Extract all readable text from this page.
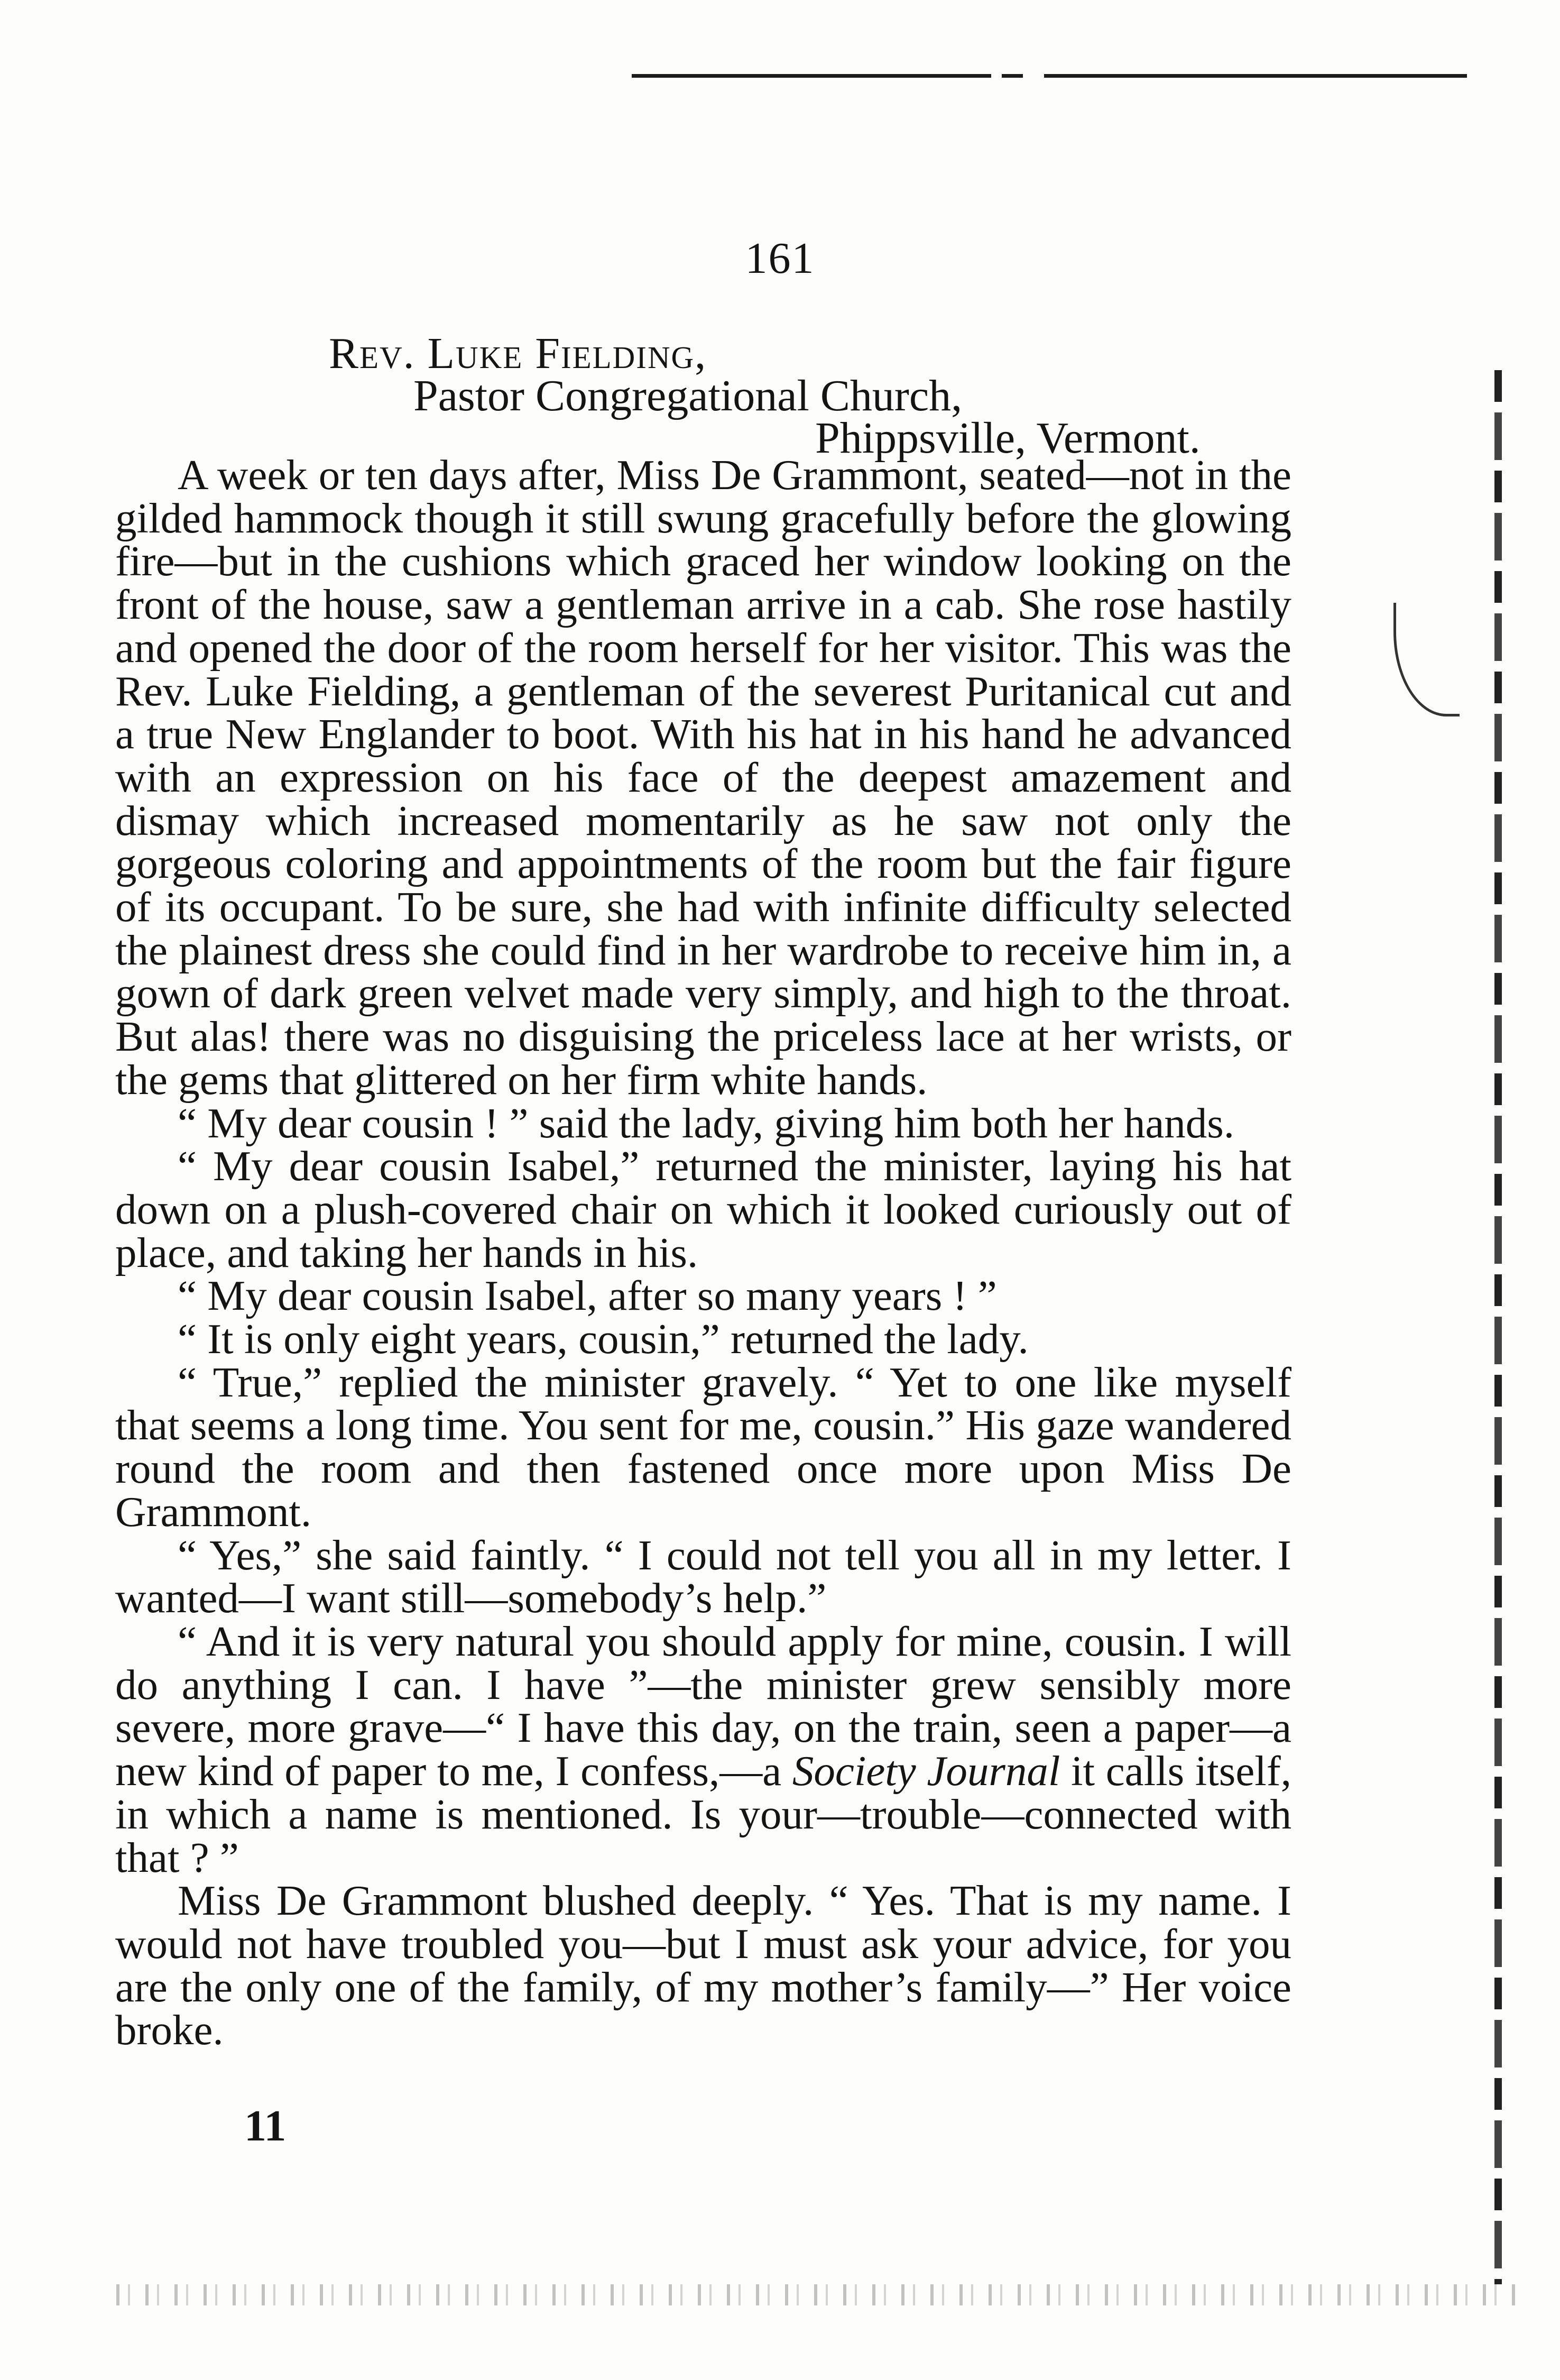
161
Rev. Luke Fielding,
Pastor Congregational Church,
Phippsville, Vermont.

A week or ten days after, Miss De Grammont, seated—not in the gilded hammock though it still swung gracefully before the glowing fire—but in the cushions which graced her window looking on the front of the house, saw a gentleman arrive in a cab. She rose hastily and opened the door of the room herself for her visitor. This was the Rev. Luke Fielding, a gentleman of the severest Puritanical cut and a true New Englander to boot. With his hat in his hand he advanced with an expression on his face of the deepest amazement and dismay which increased momentarily as he saw not only the gorgeous coloring and appointments of the room but the fair figure of its occupant. To be sure, she had with infinite difficulty selected the plainest dress she could find in her wardrobe to receive him in, a gown of dark green velvet made very simply, and high to the throat. But alas! there was no disguising the priceless lace at her wrists, or the gems that glittered on her firm white hands.

“ My dear cousin ! ” said the lady, giving him both her hands.

“ My dear cousin Isabel,” returned the minister, laying his hat down on a plush-covered chair on which it looked curiously out of place, and taking her hands in his.

“ My dear cousin Isabel, after so many years ! ”

“ It is only eight years, cousin,” returned the lady.

“ True,” replied the minister gravely. “ Yet to one like myself that seems a long time. You sent for me, cousin.” His gaze wandered round the room and then fastened once more upon Miss De Grammont.

“ Yes,” she said faintly. “ I could not tell you all in my letter. I wanted—I want still—somebody’s help.”

“ And it is very natural you should apply for mine, cousin. I will do anything I can. I have ”—the minister grew sensibly more severe, more grave—“ I have this day, on the train, seen a paper—a new kind of paper to me, I confess,—a Society Journal it calls itself, in which a name is mentioned. Is your—trouble—connected with that ? ”

Miss De Grammont blushed deeply. “ Yes. That is my name. I would not have troubled you—but I must ask your advice, for you are the only one of the family, of my mother’s family—” Her voice broke.

11
